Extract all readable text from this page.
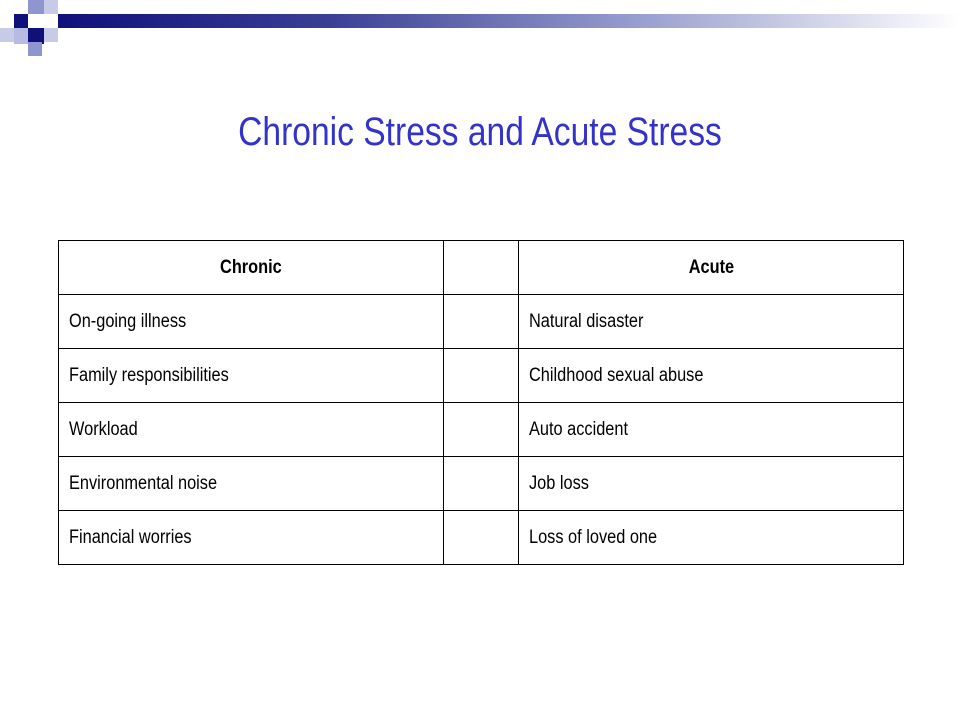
Chronic Stress and Acute Stress
Chronic		Acute
On-going illness		Natural disaster
Family responsibilities		Childhood sexual abuse
Workload		Auto accident
Environmental noise		Job loss
Financial worries		Loss of loved one
